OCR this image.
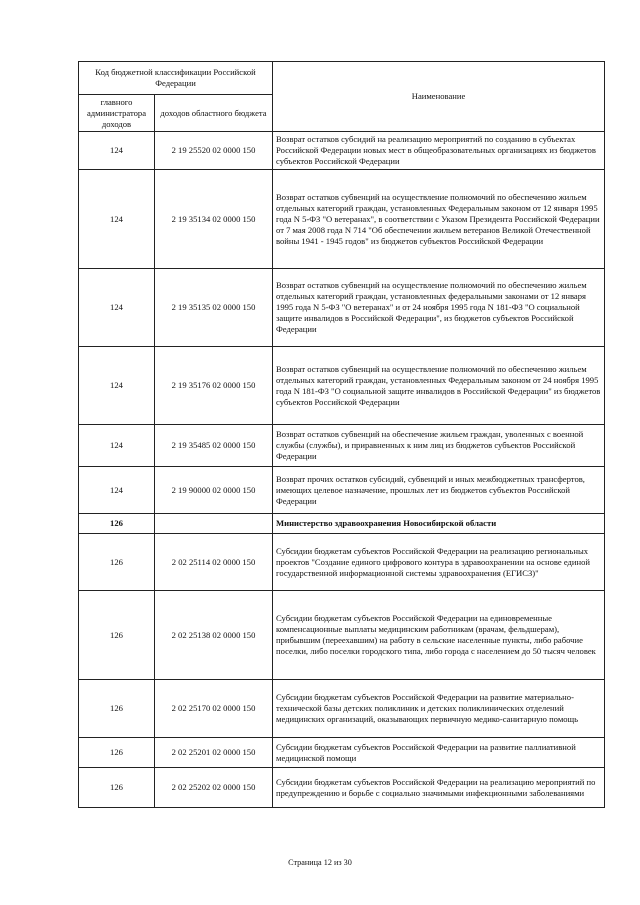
Код бюджетной классификации Российской Федерации		Наименование
главного администратора доходов	доходов областного бюджета	
124	2 19 25520 02 0000 150	Возврат остатков субсидий на реализацию мероприятий по созданию в субъектах Российской Федерации новых мест в общеобразовательных организациях из бюджетов субъектов Российской Федерации
124	2 19 35134 02 0000 150	Возврат остатков субвенций на осуществление полномочий по обеспечению жильем отдельных категорий граждан, установленных Федеральным законом от 12 января 1995 года N 5-ФЗ "О ветеранах", в соответствии с Указом Президента Российской Федерации от 7 мая 2008 года N 714 "Об обеспечении жильем ветеранов Великой Отечественной войны 1941 - 1945 годов" из бюджетов субъектов Российской Федерации
124	2 19 35135 02 0000 150	Возврат остатков субвенций на осуществление полномочий по обеспечению жильем отдельных категорий граждан, установленных федеральными законами от 12 января 1995 года N 5-ФЗ "О ветеранах" и от 24 ноября 1995 года N 181-ФЗ "О социальной защите инвалидов в Российской Федерации", из бюджетов субъектов Российской Федерации
124	2 19 35176 02 0000 150	Возврат остатков субвенций на осуществление полномочий по обеспечению жильем отдельных категорий граждан, установленных Федеральным законом от 24 ноября 1995 года N 181-ФЗ "О социальной защите инвалидов в Российской Федерации" из бюджетов субъектов Российской Федерации
124	2 19 35485 02 0000 150	Возврат остатков субвенций на обеспечение жильем граждан, уволенных с военной службы (службы), и приравненных к ним лиц из бюджетов субъектов Российской Федерации
124	2 19 90000 02 0000 150	Возврат прочих остатков субсидий, субвенций и иных межбюджетных трансфертов, имеющих целевое назначение, прошлых лет из бюджетов субъектов Российской Федерации
126		Министерство здравоохранения Новосибирской области
126	2 02 25114 02 0000 150	Субсидии бюджетам субъектов Российской Федерации на реализацию региональных проектов "Создание единого цифрового контура в здравоохранении на основе единой государственной информационной системы здравоохранения (ЕГИСЗ)"
126	2 02 25138 02 0000 150	Субсидии бюджетам субъектов Российской Федерации на единовременные компенсационные выплаты медицинским работникам (врачам, фельдшерам), прибывшим (переехавшим) на работу в сельские населенные пункты, либо рабочие поселки, либо поселки городского типа, либо города с населением до 50 тысяч человек
126	2 02 25170 02 0000 150	Субсидии бюджетам субъектов Российской Федерации на развитие материально-технической базы детских поликлиник и детских поликлинических отделений медицинских организаций, оказывающих первичную медико-санитарную помощь
126	2 02 25201 02 0000 150	Субсидии бюджетам субъектов Российской Федерации на развитие паллиативной медицинской помощи
126	2 02 25202 02 0000 150	Субсидии бюджетам субъектов Российской Федерации на реализацию мероприятий по предупреждению и борьбе с социально значимыми инфекционными заболеваниями
Страница 12 из 30
